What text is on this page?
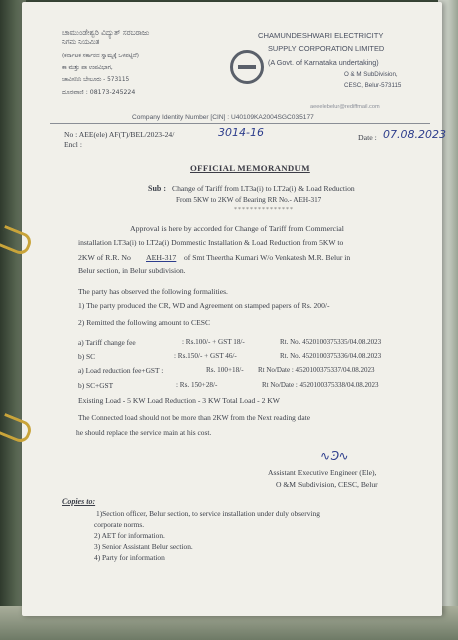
ಚಾಮುಂಡೇಶ್ವರಿ ವಿದ್ಯುತ್ ಸರಬರಾಜು
ನಿಗಮ ನಿಯಮಿತ
(ಕರ್ನಾಟಕ ಸರ್ಕಾರದ ಸ್ವಾಮ್ಯಕ್ಕೆ ಒಳಪಟ್ಟಿದೆ)
ಕಾ ಮತ್ತು ಪಾ ಉಪವಿಭಾಗ,
ಚಾವಿಸನಿನಿ ಬೇಲೂರು - 573115
ದೂರವಾಣಿ : 08173-245224
CHAMUNDESHWARI ELECTRICITY
SUPPLY CORPORATION LIMITED
(A Govt. of Karnataka undertaking)
O & M SubDivision,
CESC, Belur-573115
aeeelebelur@rediffmail.com
Company Identity Number [CIN] : U40109KA2004SGC035177
No : AEE(ele) AF(T)/BEL/2023-24/	3014-16
Encl :
Date : 07.08.2023
OFFICIAL MEMORANDUM
Sub : Change of Tariff from LT3a(i) to LT2a(i) & Load Reduction
From 5KW to 2KW of Bearing RR No.- AEH-317
***************
Approval is here by accorded for Change of Tariff from Commercial
installation LT3a(i) to LT2a(i) Dommestic Installation & Load Reduction from 5KW to
2KW of R.R. No AEH-317 of Smt Theertha Kumari W/o Venkatesh M.R. Belur in
Belur section, in Belur subdivision.
The party has observed the following formalities.
1) The party produced the CR, WD and Agreement on stamped papers of Rs. 200/-
2) Remitted the following amount to CESC
a) Tariff change fee	: Rs.100/- + GST 18/-	Rt. No. 4520100375335/04.08.2023
b) SC	: Rs.150/- + GST 46/-	Rt. No. 4520100375336/04.08.2023
a) Load reduction fee+GST :	Rs. 100+18/- Rt No/Date : 4520100375337/04.08.2023
b) SC+GST	: Rs. 150+28/-	Rt No/Date : 4520100375338/04.08.2023
Existing Load - 5 KW Load Reduction - 3 KW Total Load - 2 KW
The Connected load should not be more than 2KW from the Next reading date
he should replace the service main at his cost.
∿Ͽ∿
Assistant Executive Engineer (Ele),
O &M Subdivision, CESC, Belur
Copies to:
1)Section officer, Belur section, to service installation under duly observing
corporate norms.
2) AET for information.
3) Senior Assistant Belur section.
4) Party for information
